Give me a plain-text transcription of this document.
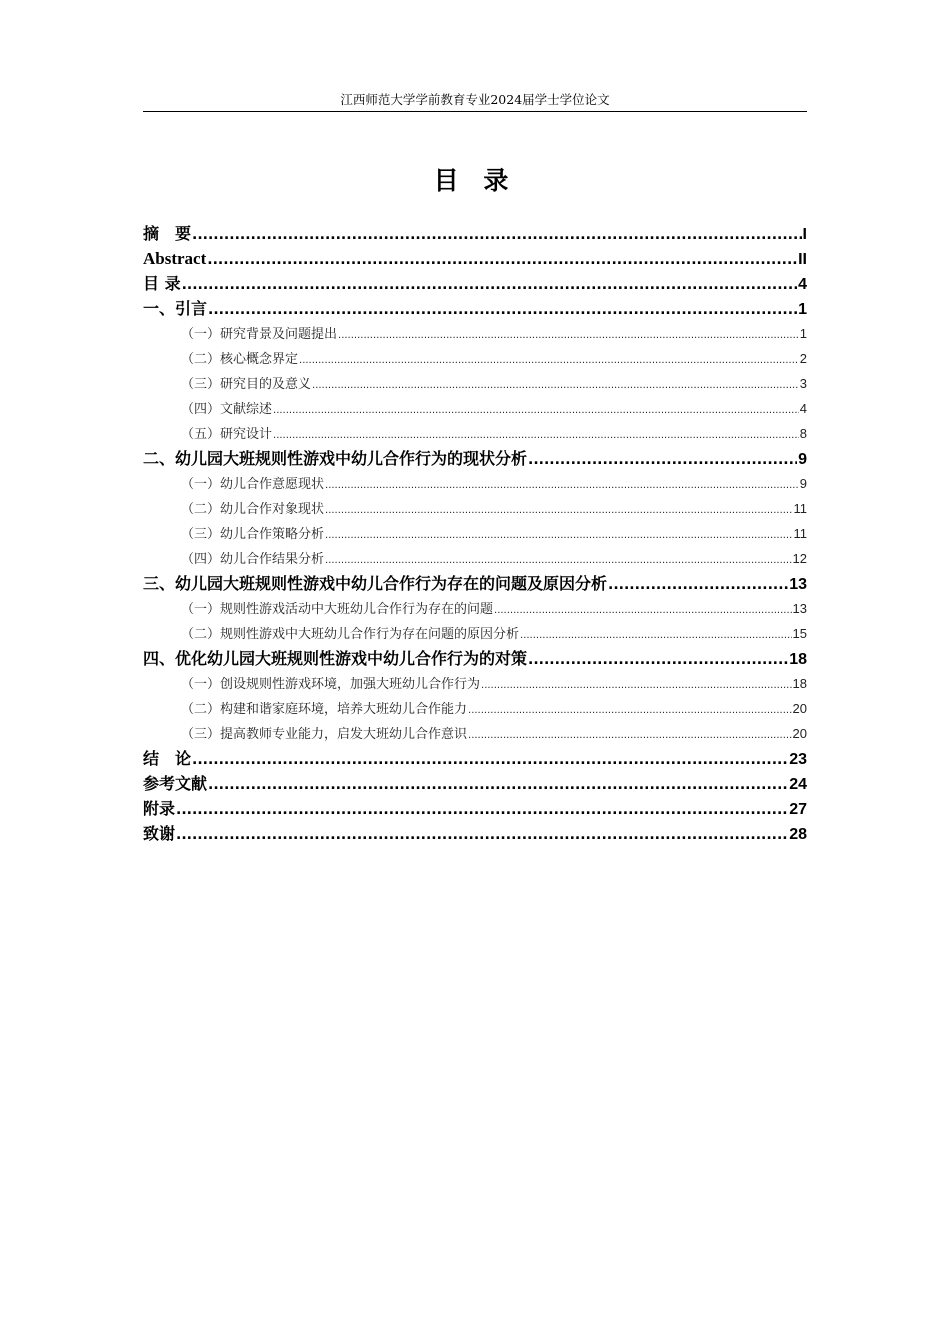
江西师范大学学前教育专业2024届学士学位论文
目 录
摘　要 .....	I
Abstract .....	II
目 录 .....	4
一、引言 .....	1
（一）研究背景及问题提出 .....	1
（二）核心概念界定 .....	2
（三）研究目的及意义 .....	3
（四）文献综述 .....	4
（五）研究设计 .....	8
二、幼儿园大班规则性游戏中幼儿合作行为的现状分析 .....	9
（一）幼儿合作意愿现状 .....	9
（二）幼儿合作对象现状 .....	11
（三）幼儿合作策略分析 .....	11
（四）幼儿合作结果分析 .....	12
三、幼儿园大班规则性游戏中幼儿合作行为存在的问题及原因分析 .....	13
（一）规则性游戏活动中大班幼儿合作行为存在的问题 .....	13
（二）规则性游戏中大班幼儿合作行为存在问题的原因分析 .....	15
四、优化幼儿园大班规则性游戏中幼儿合作行为的对策 .....	18
（一）创设规则性游戏环境，加强大班幼儿合作行为 .....	18
（二）构建和谐家庭环境，培养大班幼儿合作能力 .....	20
（三）提高教师专业能力，启发大班幼儿合作意识 .....	20
结　论 .....	23
参考文献 .....	24
附录 .....	27
致谢 .....	28
